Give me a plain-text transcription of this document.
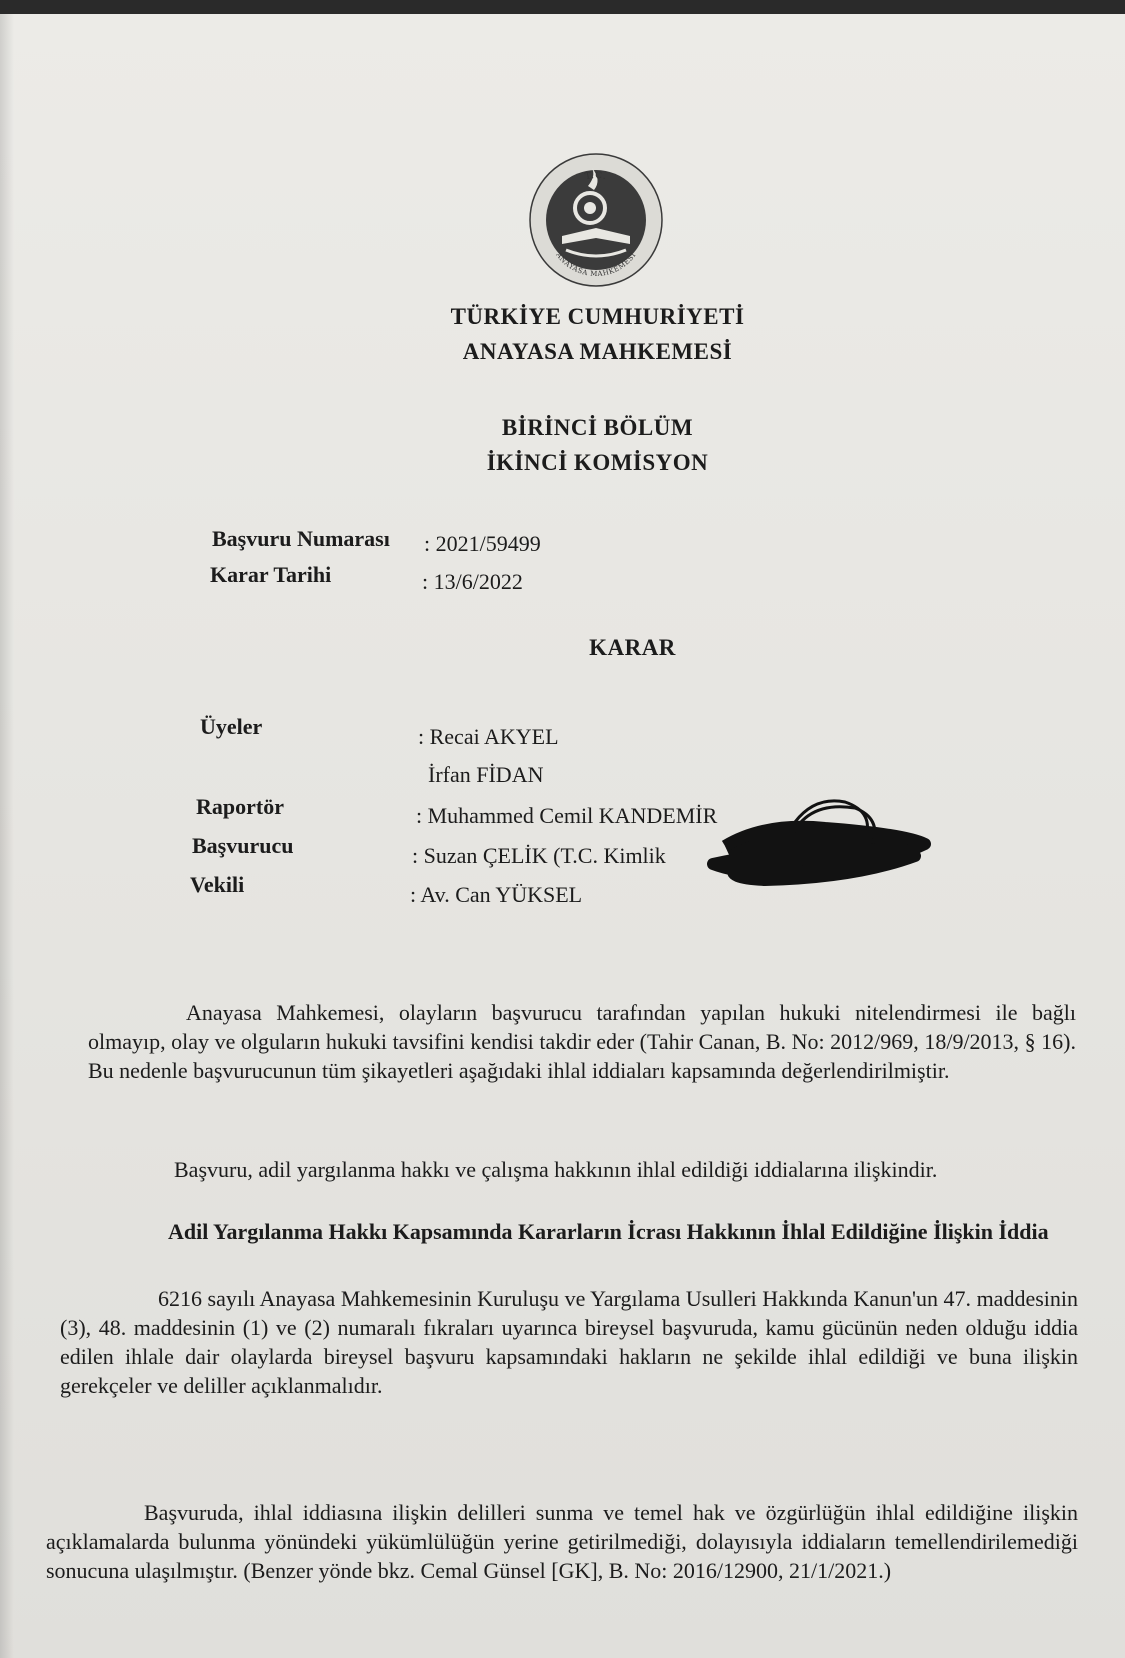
T.C.
ANAYASA MAHKEMESİ
TÜRKİYE CUMHURİYETİ
ANAYASA MAHKEMESİ
BİRİNCİ BÖLÜM
İKİNCİ KOMİSYON
Başvuru Numarası : 2021/59499
Karar Tarihi	: 13/6/2022
KARAR
Üyeler	: Recai AKYEL
İrfan FİDAN
Raportör	: Muhammed Cemil KANDEMİR
Başvurucu	: Suzan ÇELİK (T.C. Kimlik
Vekili	: Av. Can YÜKSEL

Anayasa Mahkemesi, olayların başvurucu tarafından yapılan hukuki nitelendirmesi ile bağlı olmayıp, olay ve olguların hukuki tavsifini kendisi takdir eder (Tahir Canan, B. No: 2012/969, 18/9/2013, § 16). Bu nedenle başvurucunun tüm şikayetleri aşağıdaki ihlal iddiaları kapsamında değerlendirilmiştir.

Başvuru, adil yargılanma hakkı ve çalışma hakkının ihlal edildiği iddialarına ilişkindir.

Adil Yargılanma Hakkı Kapsamında Kararların İcrası Hakkının İhlal Edildiğine İlişkin İddia

6216 sayılı Anayasa Mahkemesinin Kuruluşu ve Yargılama Usulleri Hakkında Kanun'un 47. maddesinin (3), 48. maddesinin (1) ve (2) numaralı fıkraları uyarınca bireysel başvuruda, kamu gücünün neden olduğu iddia edilen ihlale dair olaylarda bireysel başvuru kapsamındaki hakların ne şekilde ihlal edildiği ve buna ilişkin gerekçeler ve deliller açıklanmalıdır.

Başvuruda, ihlal iddiasına ilişkin delilleri sunma ve temel hak ve özgürlüğün ihlal edildiğine ilişkin açıklamalarda bulunma yönündeki yükümlülüğün yerine getirilmediği, dolayısıyla iddiaların temellendirilemediği sonucuna ulaşılmıştır. (Benzer yönde bkz. Cemal Günsel [GK], B. No: 2016/12900, 21/1/2021.)
